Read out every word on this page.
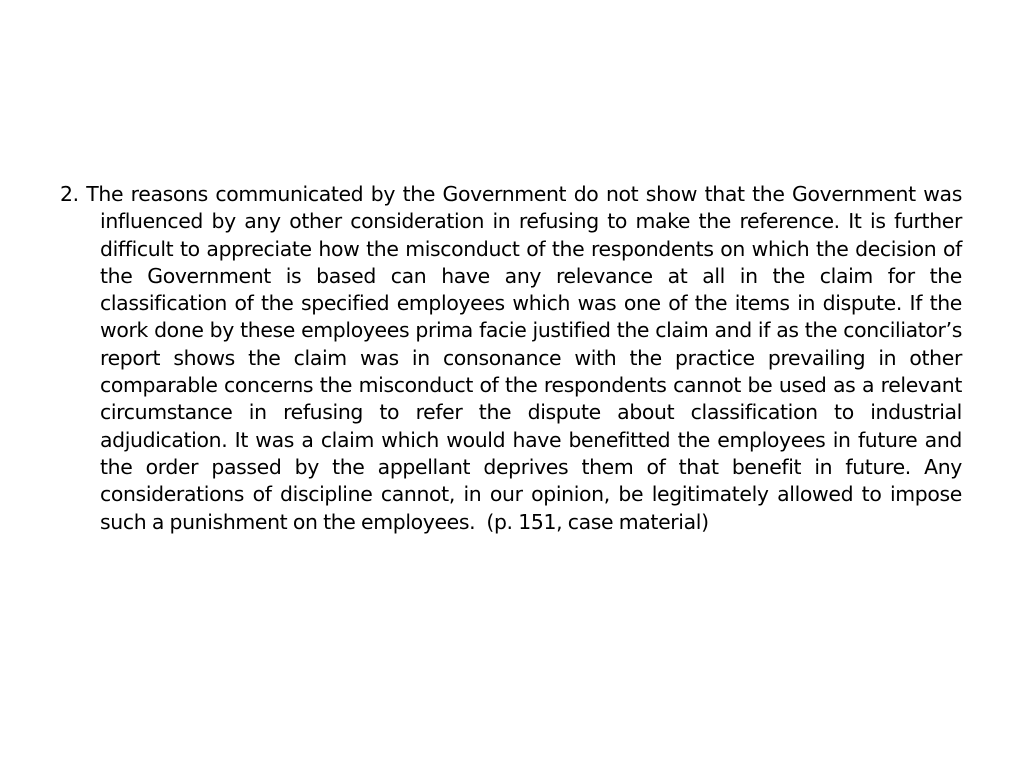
2. The reasons communicated by the Government do not show that the Government was influenced by any other consideration in refusing to make the reference. It is further difficult to appreciate how the misconduct of the respondents on which the decision of the Government is based can have any relevance at all in the claim for the classification of the specified employees which was one of the items in dispute. If the work done by these employees prima facie justified the claim and if as the conciliator’s report shows the claim was in consonance with the practice prevailing in other comparable concerns the misconduct of the respondents cannot be used as a relevant circumstance in refusing to refer the dispute about classification to industrial adjudication. It was a claim which would have benefitted the employees in future and the order passed by the appellant deprives them of that benefit in future. Any considerations of discipline cannot, in our opinion, be legitimately allowed to impose such a punishment on the employees. (p. 151, case material)
